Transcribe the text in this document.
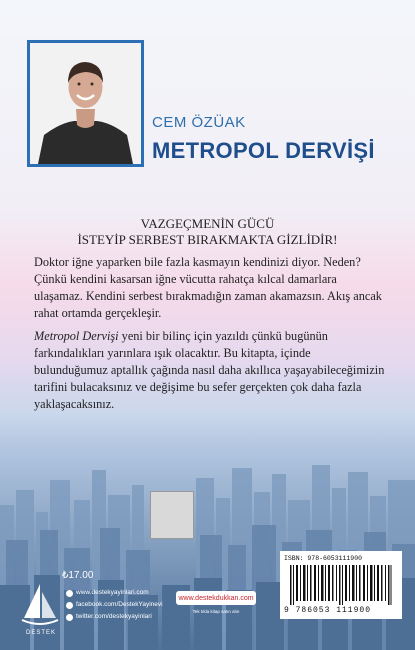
CEM ÖZÜAK
METROPOL DERVİŞİ
VAZGEÇMENİN GÜCÜ
İSTEYİP SERBEST BIRAKMAKTA GİZLİDİR!

Doktor iğne yaparken bile fazla kasmayın kendinizi diyor. Neden? Çünkü kendini kasarsan iğne vücutta rahatça kılcal damarlara ulaşamaz. Kendini serbest bırakmadığın zaman akamazsın. Akış ancak rahat ortamda gerçekleşir.

Metropol Dervişi yeni bir bilinç için yazıldı çünkü bugünün farkındalıkları yarınlara ışık olacaktır. Bu kitapta, içinde bulunduğumuz aptallık çağında nasıl daha akıllıca yaşayabileceğimizin tarifini bulacaksınız ve değişime bu sefer gerçekten çok daha fazla yaklaşacaksınız.

₺17.00
DESTEK
www.destekyayinlari.com
facebook.com/DestekYayinevi
twitter.com/destekyayinlari
www.destekdukkan.com
Tek tıkla kitap satın alın
ISBN: 978-6053111900
9 786053 111900
